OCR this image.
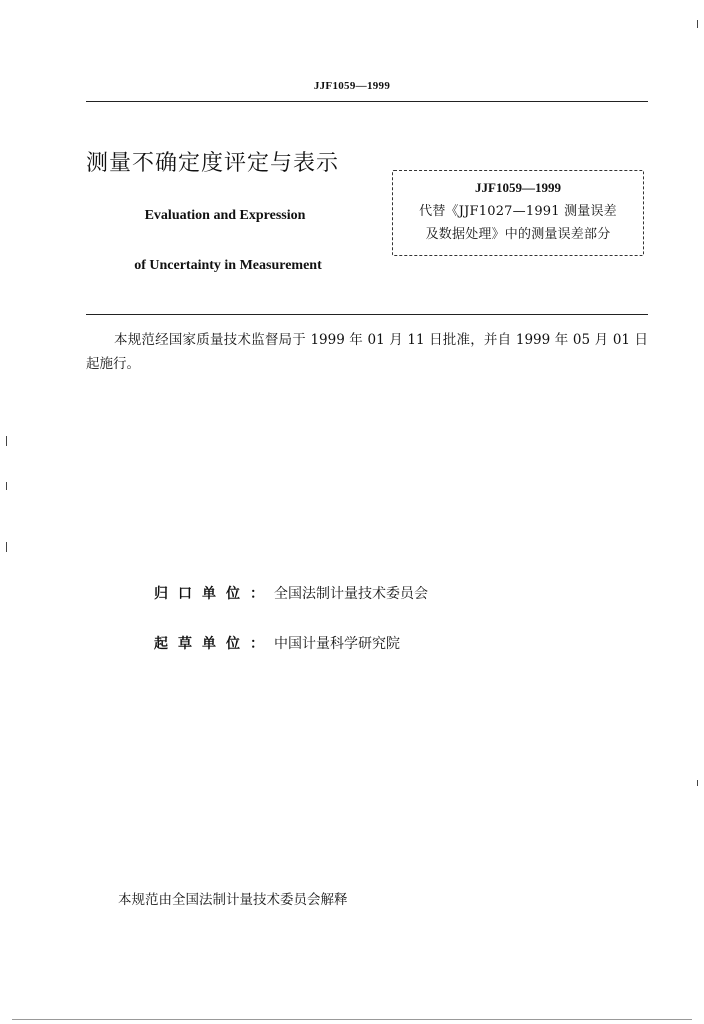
JJF1059—1999
测量不确定度评定与表示
Evaluation and Expression
of Uncertainty in Measurement
JJF1059—1999
代替《JJF1027—1991 测量误差
及数据处理》中的测量误差部分
本规范经国家质量技术监督局于 1999 年 01 月 11 日批准，并自 1999 年 05 月 01 日起施行。
归口单位：全国法制计量技术委员会
起草单位：中国计量科学研究院
本规范由全国法制计量技术委员会解释
